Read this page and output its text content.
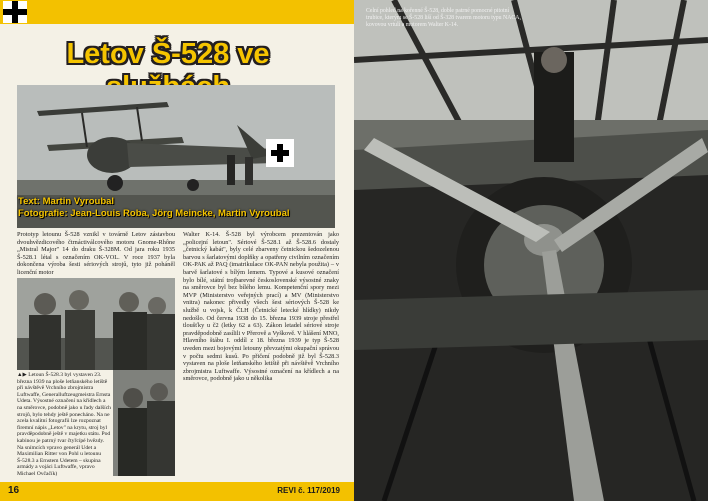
Letov Š-528 ve
Text: Martin Vyroubal
Fotografie: Jean-Louis Roba, Jörg Meincke, Martin Vyroubal
Prototyp letounu Š-528 vznikl v továrně Letov zástavbou dvouhvězdicového čtrnáctiválcového motoru Gnome-Rhône „Mistral Major" 14 do draku Š-328M. Od jara roku 1935 Š-528.1 létal s označením OK-VOL. V roce 1937 byla dokončena výroba šesti sériových strojů, tyto již poháněl licenční motor
▲▶ Letoun Š-528.3 byl vystaven 23. března 1939 na ploše letňanského letiště při návštěvě Vrchního zbrojmistra Luftwaffe, Generalluftzeugmeistra Ernsta Udeta. Výsostné označení na křídlech a na směrovce, podobně jako u řady dalších strojů, bylo tehdy ještě ponecháno. Na ne zcela kvalitní fotografii lze rozpoznat firemní nápis „Letov" na krytu, stroj byl pravděpodobně ještě v majetku státu. Pod kabinou je patrný tvar čtyřcípé hvězdy. Na snímcích vpravo generál Udet a Maximilian Ritter von Pohl u letounu Š-528.3 a Ernstem Udetem – skupina armády a vojáci Luftwaffe, vpravo Michael Ovčačík)
Walter K-14. Š-528 byl výrobcem prezentován jako „policejní letoun". Sériové Š-528.1 až Š-528.6 dostaly „četnický kabát", byly celé zbarveny četnickou šedozelenou barvou s šarlatovými doplňky a opatřeny civilním označením OK-PAK až PAQ (imatrikulace OK-PAN nebyla použita) – v barvě šarlatové s bílým lemem. Typové a kusové označení bylo bílé, státní trojbarevné československé výsostné znaky na směrovce byl bez bílého lemu. Kompetenční spory mezi MVP (Ministerstvo veřejných prací) a MV (Ministerstvo vnitra) nakonec přivedly všech šest sériových Š-528 ke službě u vojsk, k ČLH (Četnické letecké hlídky) nikdy nedošlo. Od června 1938 do 15. března 1939 stroje přestřel tloušťky u č2 (letky 62 a 63). Zákon letadel sériové stroje pravděpodobně zasílili v Přerově a Vyškově. V hlášení MNO, Hlavního štábu I. oddíl z 18. března 1939 je typ Š-528 uveden mezi bojovými letouny převzatými okupační správou v počtu sedmi kusů. Po přičení podobně již byl Š-528.3 vystaven na ploše letňanského letiště při návštěvě Vrchního zbrojmistra Luftwaffe. Výsostné označení na křídlech a na směrovce, podobně jako u několika
16	REVI č. 117/2019
Celní pohled na kořenné Š-528, doble patrné pomocné pitotní trubice, kterým se Š-528 liší od Š-328 tvarem motoru typu NACA, kovovou vrtulí a motorem Walter K-14.
